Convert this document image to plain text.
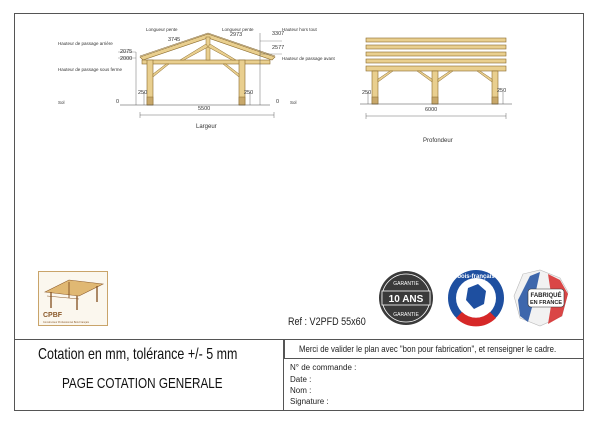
Longueur pente	Longueur pente	Hauteur hors tout
Hauteur de passage arrière
Hauteur de passage sous ferme
Hauteur de passage avant
Sol	Sol
3745
2973	3307
2075
2000
2577
0	0
250	250
5500
Largeur
250	250
6000
Profondeur
CPBF
Constructeur Professionnel Bois Français
10 ANS
GARANTIE
GARANTIE
bois-français
FABRIQUÉ
EN FRANCE
Ref : V2PFD 55x60
Cotation en mm, tolérance +/- 5 mm
PAGE COTATION GENERALE
Merci de valider le plan avec "bon pour fabrication", et renseigner le cadre.
N° de commande :
Date :
Nom :
Signature :
